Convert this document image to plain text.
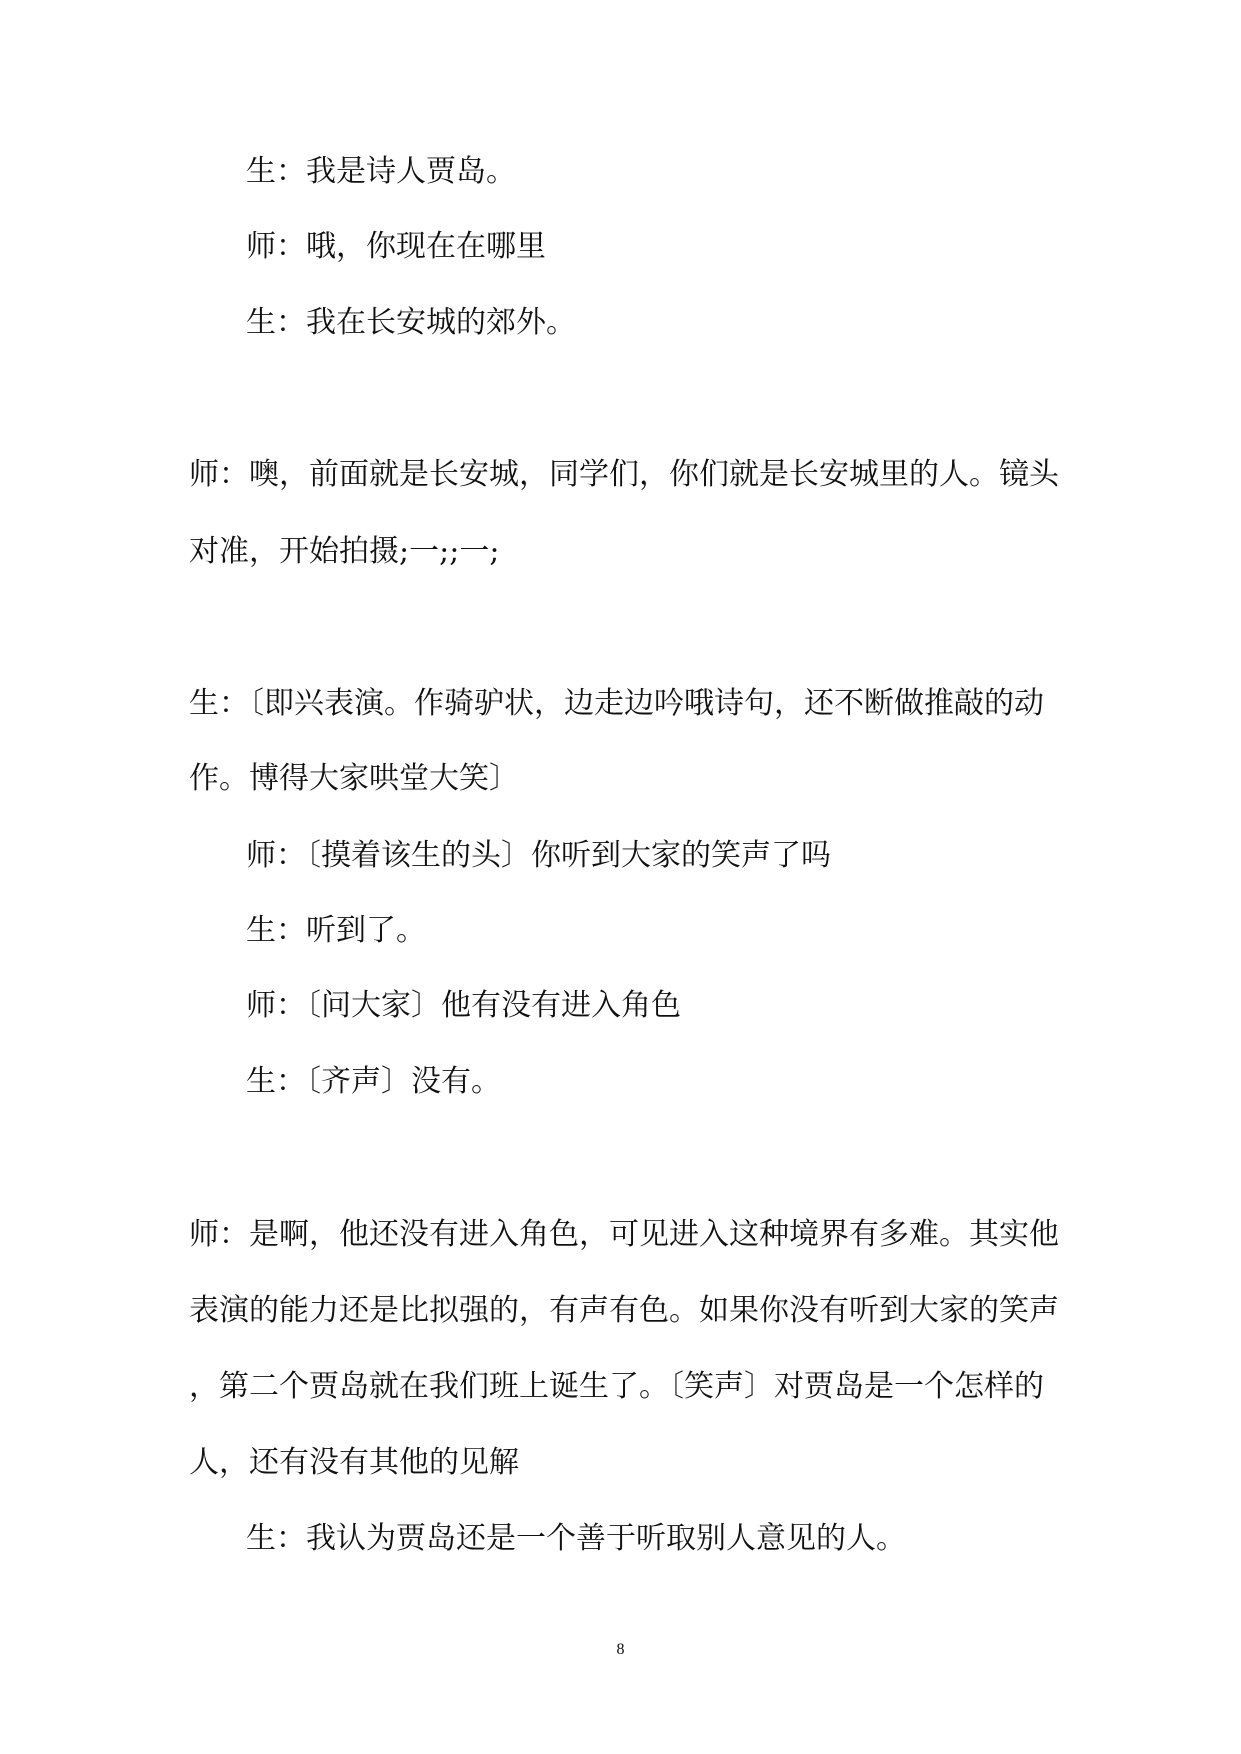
生：我是诗人贾岛。
师：哦，你现在在哪里
生：我在长安城的郊外。
师：噢，前面就是长安城，同学们，你们就是长安城里的人。镜头
对准，开始拍摄;一;;一;
生：〔即兴表演。作骑驴状，边走边吟哦诗句，还不断做推敲的动
作。博得大家哄堂大笑〕
师：〔摸着该生的头〕你听到大家的笑声了吗
生：听到了。
师：〔问大家〕他有没有进入角色
生：〔齐声〕没有。
师：是啊，他还没有进入角色，可见进入这种境界有多难。其实他
表演的能力还是比拟强的，有声有色。如果你没有听到大家的笑声
，第二个贾岛就在我们班上诞生了。〔笑声〕对贾岛是一个怎样的
人，还有没有其他的见解
生：我认为贾岛还是一个善于听取别人意见的人。
8
